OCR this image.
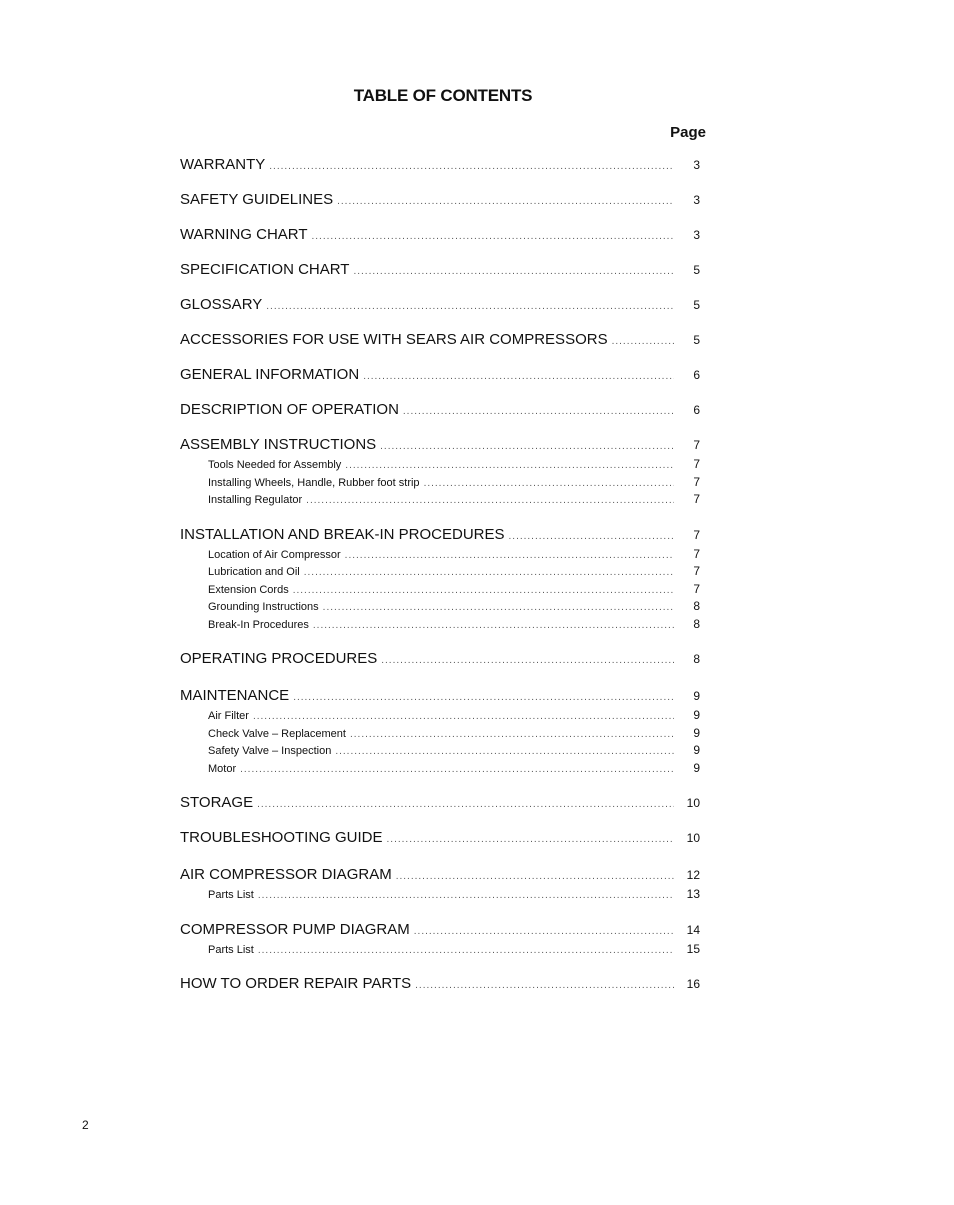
TABLE OF CONTENTS
Page
WARRANTY .....	3
SAFETY GUIDELINES .....	3
WARNING CHART .....	3
SPECIFICATION CHART .....	5
GLOSSARY .....	5
ACCESSORIES FOR USE WITH SEARS AIR COMPRESSORS .....	5
GENERAL INFORMATION .....	6
DESCRIPTION OF OPERATION .....	6
ASSEMBLY INSTRUCTIONS .....	7
Tools Needed for Assembly .....	7
Installing Wheels, Handle, Rubber foot strip .....	7
Installing Regulator .....	7
INSTALLATION AND BREAK-IN PROCEDURES .....	7
Location of Air Compressor .....	7
Lubrication and Oil .....	7
Extension Cords .....	7
Grounding Instructions .....	8
Break-In Procedures .....	8
OPERATING PROCEDURES .....	8
MAINTENANCE .....	9
Air Filter .....	9
Check Valve – Replacement .....	9
Safety Valve – Inspection .....	9
Motor .....	9
STORAGE .....	10
TROUBLESHOOTING GUIDE .....	10
AIR COMPRESSOR DIAGRAM .....	12
Parts List .....	13
COMPRESSOR PUMP DIAGRAM .....	14
Parts List .....	15
HOW TO ORDER REPAIR PARTS .....	16
2
